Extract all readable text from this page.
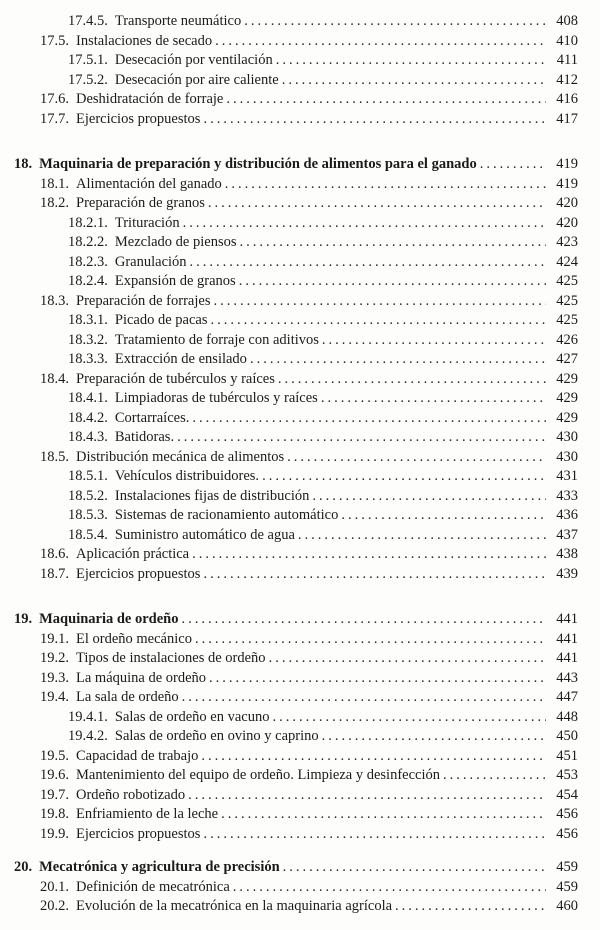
17.4.5. Transporte neumático .....	408
17.5. Instalaciones de secado .....	410
17.5.1. Desecación por ventilación .....	411
17.5.2. Desecación por aire caliente .....	412
17.6. Deshidratación de forraje .....	416
17.7. Ejercicios propuestos .....	417
18. Maquinaria de preparación y distribución de alimentos para el ganado .....	419
18.1. Alimentación del ganado .....	419
18.2. Preparación de granos .....	420
18.2.1. Trituración .....	420
18.2.2. Mezclado de piensos .....	423
18.2.3. Granulación .....	424
18.2.4. Expansión de granos .....	425
18.3. Preparación de forrajes .....	425
18.3.1. Picado de pacas .....	425
18.3.2. Tratamiento de forraje con aditivos .....	426
18.3.3. Extracción de ensilado .....	427
18.4. Preparación de tubérculos y raíces .....	429
18.4.1. Limpiadoras de tubérculos y raíces .....	429
18.4.2. Cortarraíces. .....	429
18.4.3. Batidoras. .....	430
18.5. Distribución mecánica de alimentos .....	430
18.5.1. Vehículos distribuidores. .....	431
18.5.2. Instalaciones fijas de distribución .....	433
18.5.3. Sistemas de racionamiento automático .....	436
18.5.4. Suministro automático de agua .....	437
18.6. Aplicación práctica .....	438
18.7. Ejercicios propuestos .....	439
19. Maquinaria de ordeño .....	441
19.1. El ordeño mecánico .....	441
19.2. Tipos de instalaciones de ordeño .....	441
19.3. La máquina de ordeño .....	443
19.4. La sala de ordeño .....	447
19.4.1. Salas de ordeño en vacuno .....	448
19.4.2. Salas de ordeño en ovino y caprino .....	450
19.5. Capacidad de trabajo .....	451
19.6. Mantenimiento del equipo de ordeño. Limpieza y desinfección .....	453
19.7. Ordeño robotizado .....	454
19.8. Enfriamiento de la leche .....	456
19.9. Ejercicios propuestos .....	456
20. Mecatrónica y agricultura de precisión .....	459
20.1. Definición de mecatrónica .....	459
20.2. Evolución de la mecatrónica en la maquinaria agrícola .....	460
